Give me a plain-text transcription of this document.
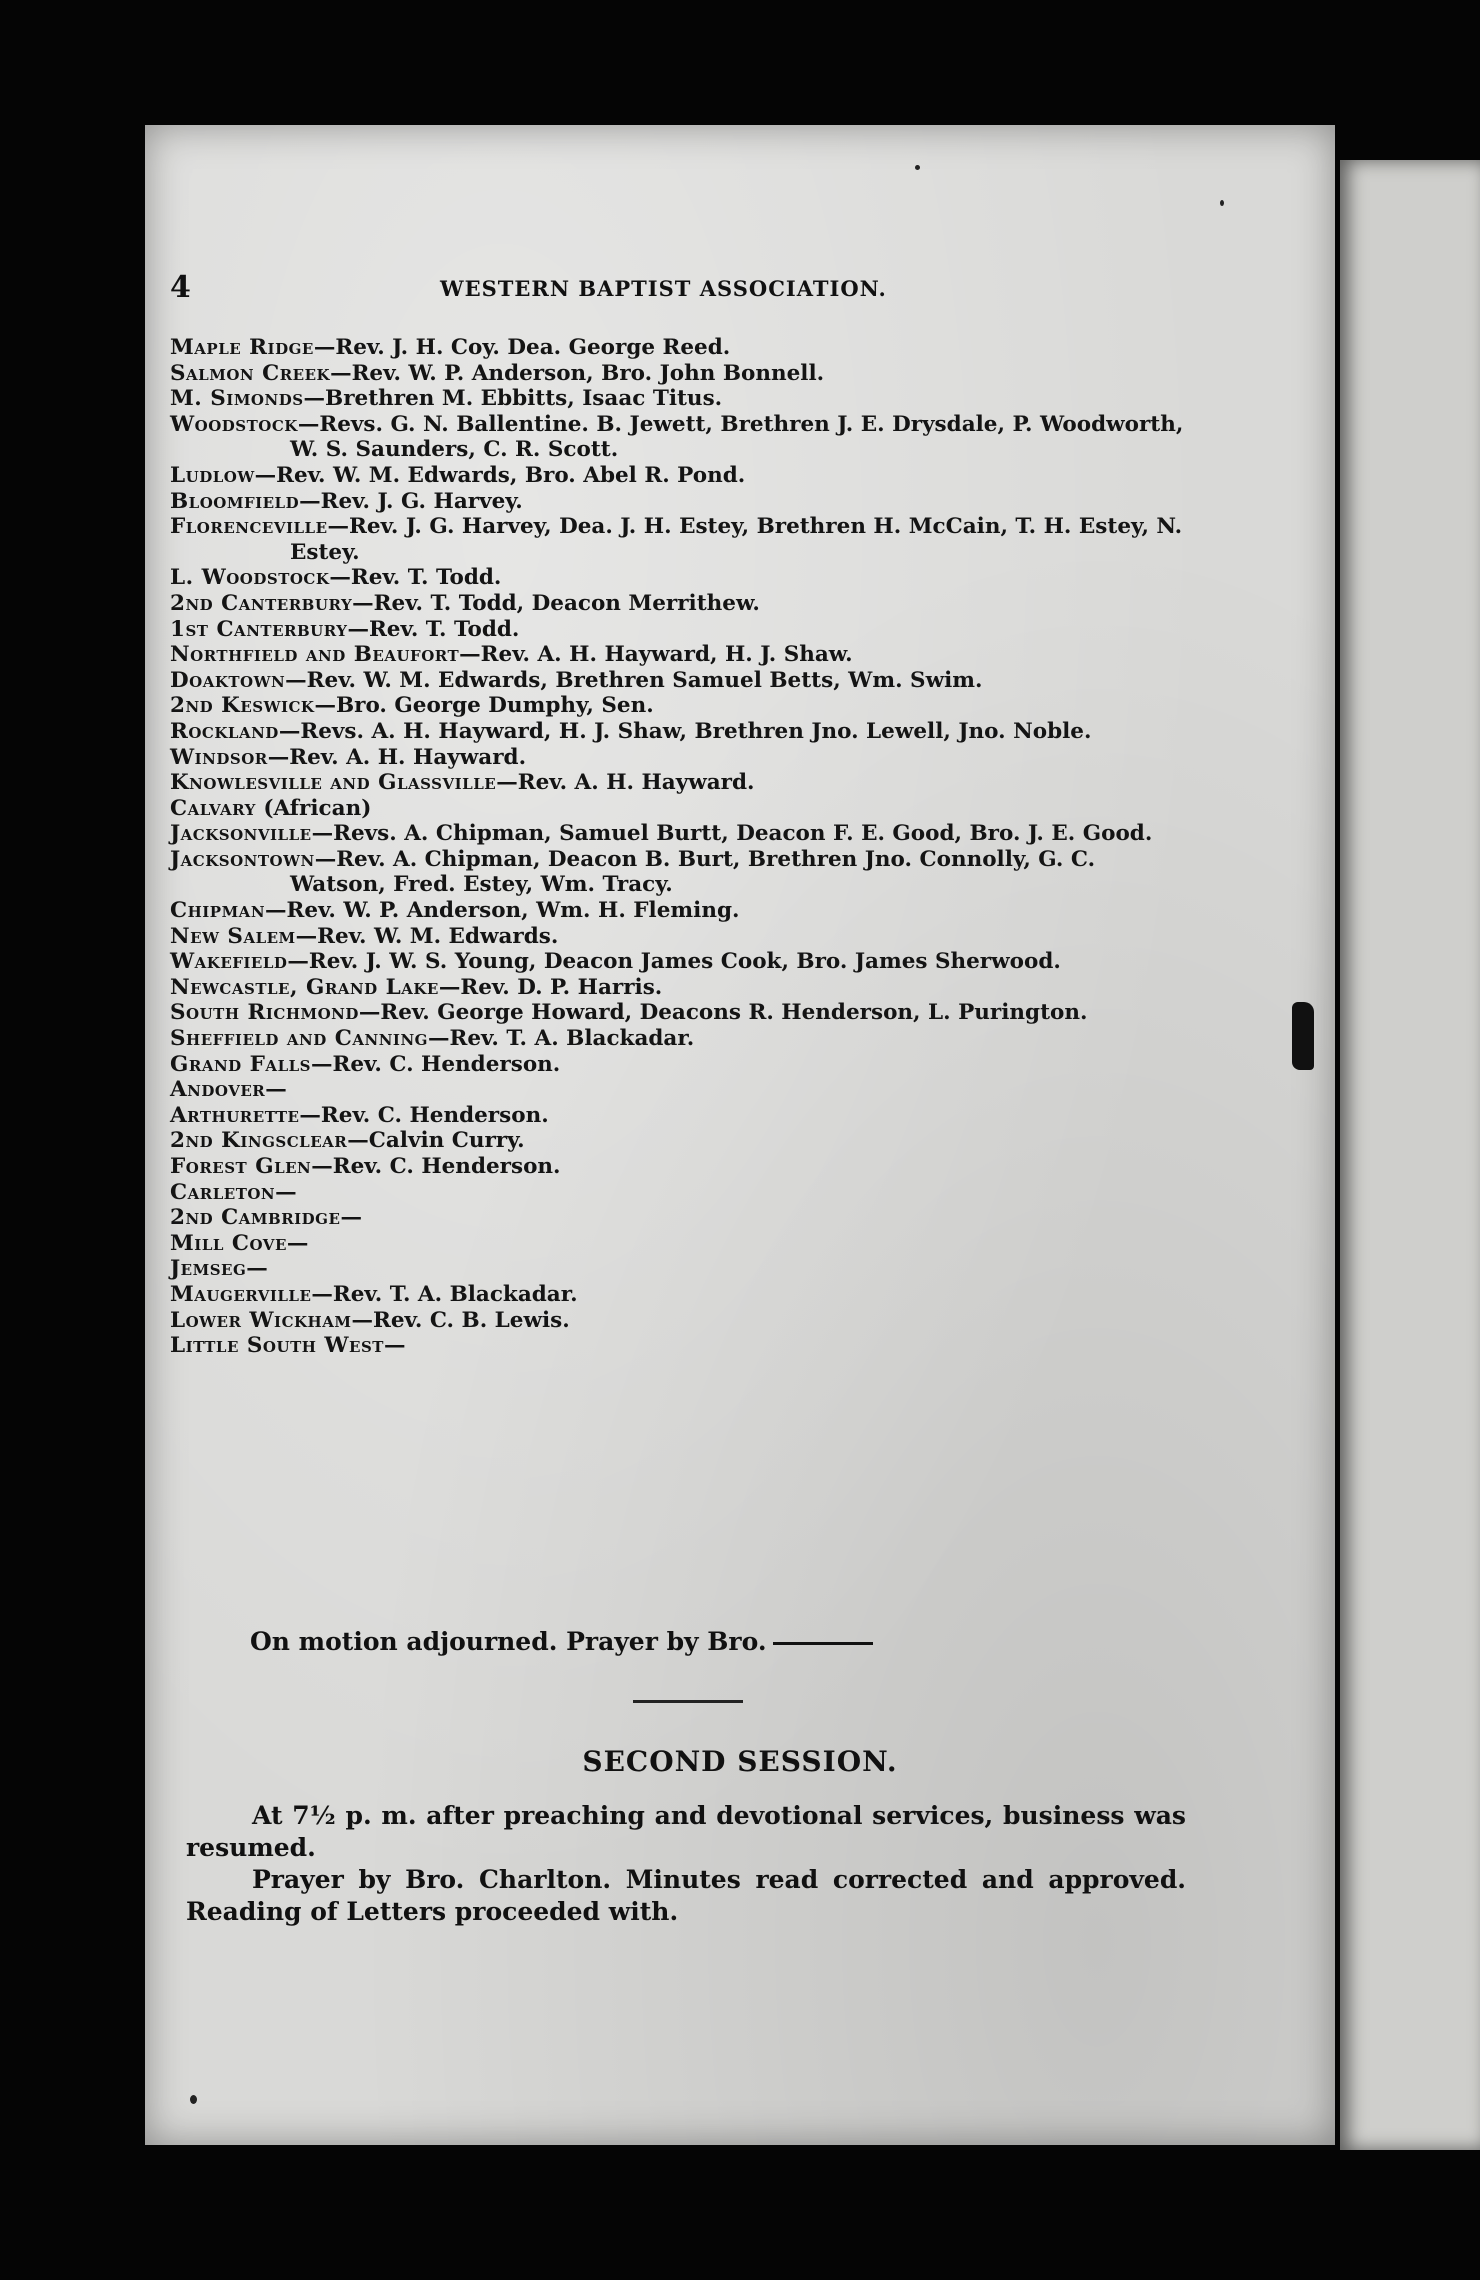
4	WESTERN BAPTIST ASSOCIATION.
Maple Ridge—Rev. J. H. Coy. Dea. George Reed.
Salmon Creek—Rev. W. P. Anderson, Bro. John Bonnell.
M. Simonds—Brethren M. Ebbitts, Isaac Titus.
Woodstock—Revs. G. N. Ballentine. B. Jewett, Brethren J. E. Drysdale, P. Woodworth, W. S. Saunders, C. R. Scott.
Ludlow—Rev. W. M. Edwards, Bro. Abel R. Pond.
Bloomfield—Rev. J. G. Harvey.
Florenceville—Rev. J. G. Harvey, Dea. J. H. Estey, Brethren H. McCain, T. H. Estey, N. Estey.
L. Woodstock—Rev. T. Todd.
2nd Canterbury—Rev. T. Todd, Deacon Merrithew.
1st Canterbury—Rev. T. Todd.
Northfield and Beaufort—Rev. A. H. Hayward, H. J. Shaw.
Doaktown—Rev. W. M. Edwards, Brethren Samuel Betts, Wm. Swim.
2nd Keswick—Bro. George Dumphy, Sen.
Rockland—Revs. A. H. Hayward, H. J. Shaw, Brethren Jno. Lewell, Jno. Noble.
Windsor—Rev. A. H. Hayward.
Knowlesville and Glassville—Rev. A. H. Hayward.
Calvary (African)
Jacksonville—Revs. A. Chipman, Samuel Burtt, Deacon F. E. Good, Bro. J. E. Good.
Jacksontown—Rev. A. Chipman, Deacon B. Burt, Brethren Jno. Connolly, G. C. Watson, Fred. Estey, Wm. Tracy.
Chipman—Rev. W. P. Anderson, Wm. H. Fleming.
New Salem—Rev. W. M. Edwards.
Wakefield—Rev. J. W. S. Young, Deacon James Cook, Bro. James Sherwood.
Newcastle, Grand Lake—Rev. D. P. Harris.
South Richmond—Rev. George Howard, Deacons R. Henderson, L. Purington.
Sheffield and Canning—Rev. T. A. Blackadar.
Grand Falls—Rev. C. Henderson.
Andover—
Arthurette—Rev. C. Henderson.
2nd Kingsclear—Calvin Curry.
Forest Glen—Rev. C. Henderson.
Carleton—
2nd Cambridge—
Mill Cove—
Jemseg—
Maugerville—Rev. T. A. Blackadar.
Lower Wickham—Rev. C. B. Lewis.
Little South West—
On motion adjourned. Prayer by Bro.
SECOND SESSION.

At 7½ p. m. after preaching and devotional services, business was resumed.

Prayer by Bro. Charlton. Minutes read corrected and approved. Reading of Letters proceeded with.
